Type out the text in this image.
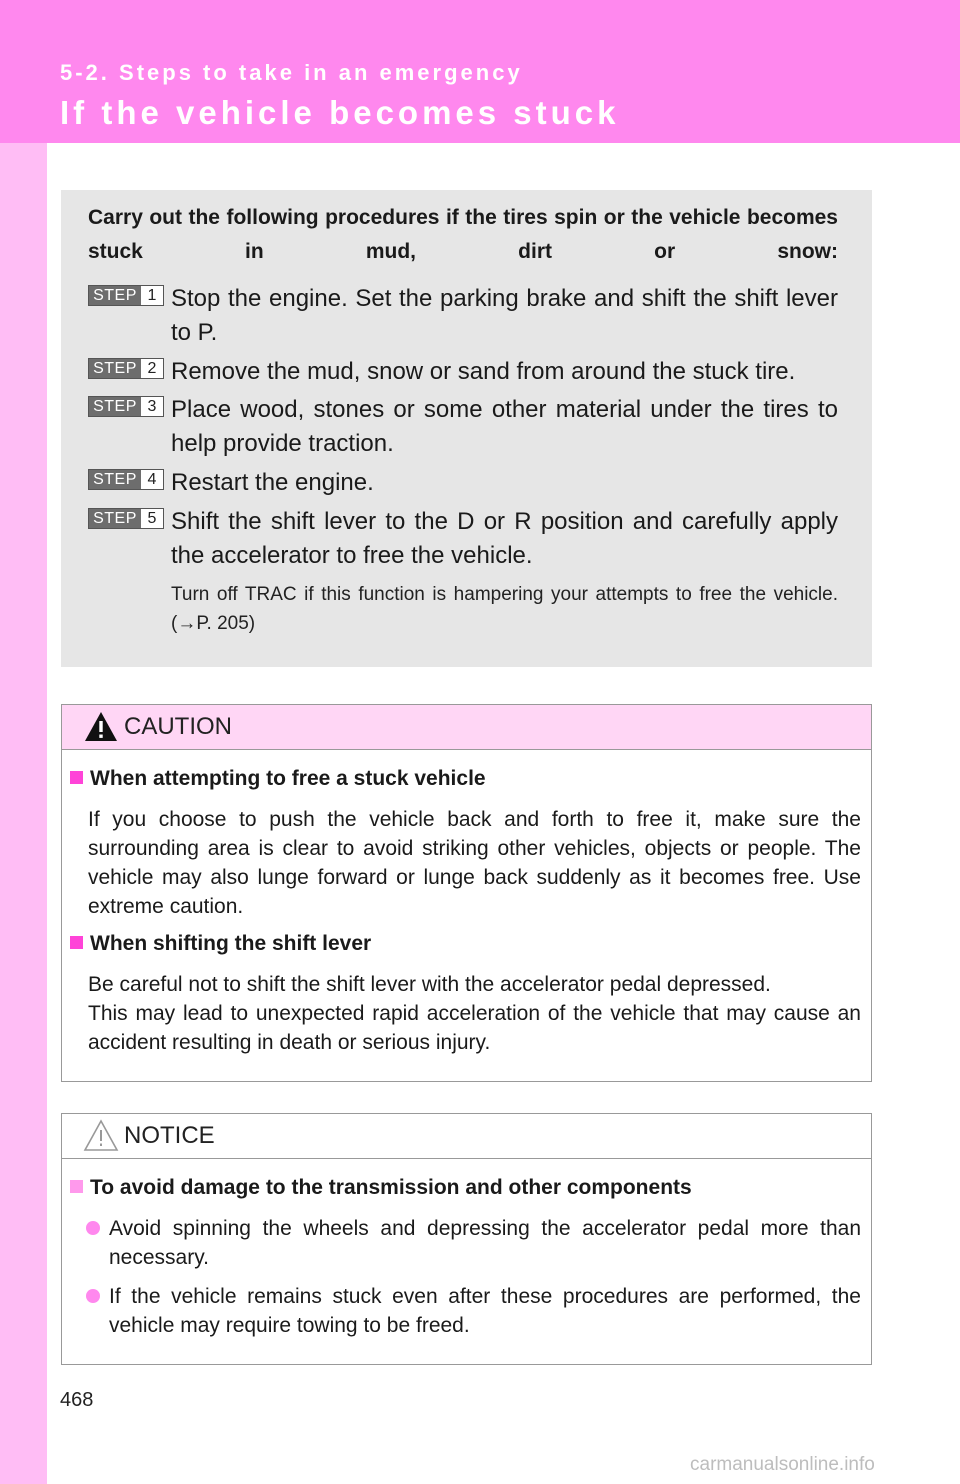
5-2. Steps to take in an emergency
If the vehicle becomes stuck
Carry out the following procedures if the tires spin or the vehicle becomes stuck in mud, dirt or snow:
STEP 1 Stop the engine. Set the parking brake and shift the shift lever to P.
STEP 2 Remove the mud, snow or sand from around the stuck tire.
STEP 3 Place wood, stones or some other material under the tires to help provide traction.
STEP 4 Restart the engine.
STEP 5 Shift the shift lever to the D or R position and carefully apply the accelerator to free the vehicle.
Turn off TRAC if this function is hampering your attempts to free the vehicle. (→P. 205)
CAUTION
When attempting to free a stuck vehicle
If you choose to push the vehicle back and forth to free it, make sure the surrounding area is clear to avoid striking other vehicles, objects or people. The vehicle may also lunge forward or lunge back suddenly as it becomes free. Use extreme caution.
When shifting the shift lever
Be careful not to shift the shift lever with the accelerator pedal depressed.
This may lead to unexpected rapid acceleration of the vehicle that may cause an accident resulting in death or serious injury.
NOTICE
To avoid damage to the transmission and other components
Avoid spinning the wheels and depressing the accelerator pedal more than necessary.
If the vehicle remains stuck even after these procedures are performed, the vehicle may require towing to be freed.
468
carmanualsonline.info
